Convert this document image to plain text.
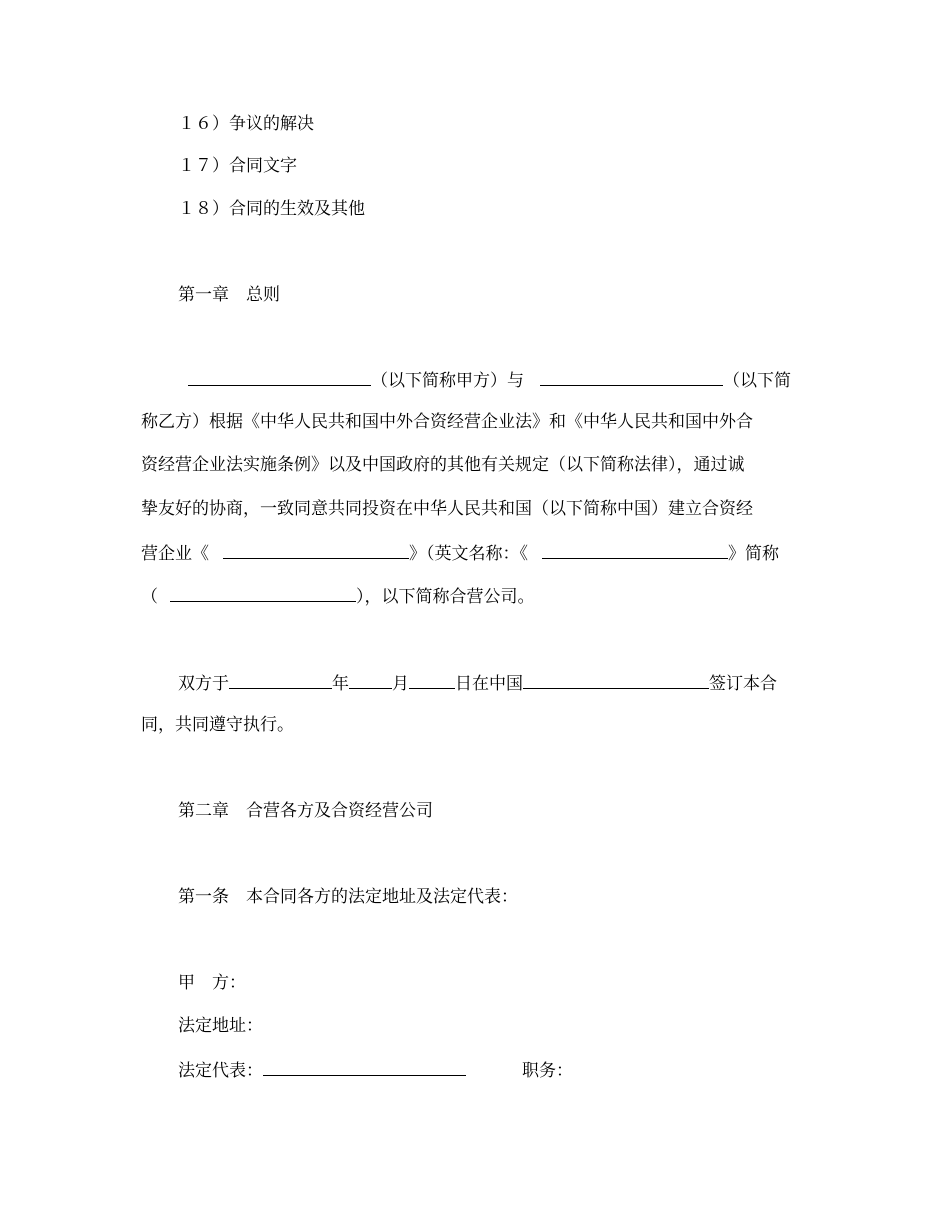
１６）争议的解决
１７）合同文字
１８）合同的生效及其他
第一章　总则
（以下简称甲方）与	（以下简
称乙方）根据《中华人民共和国中外合资经营企业法》和《中华人民共和国中外合
资经营企业法实施条例》以及中国政府的其他有关规定（以下简称法律），通过诚
挚友好的协商，一致同意共同投资在中华人民共和国（以下简称中国）建立合资经
营企业《	》（英文名称：《	》简称
（	），以下简称合营公司。
双方于	年	月	日在中国	签订本合
同，共同遵守执行。
第二章　合营各方及合资经营公司
第一条　本合同各方的法定地址及法定代表：
甲　方：
法定地址：
法定代表：	职务：
